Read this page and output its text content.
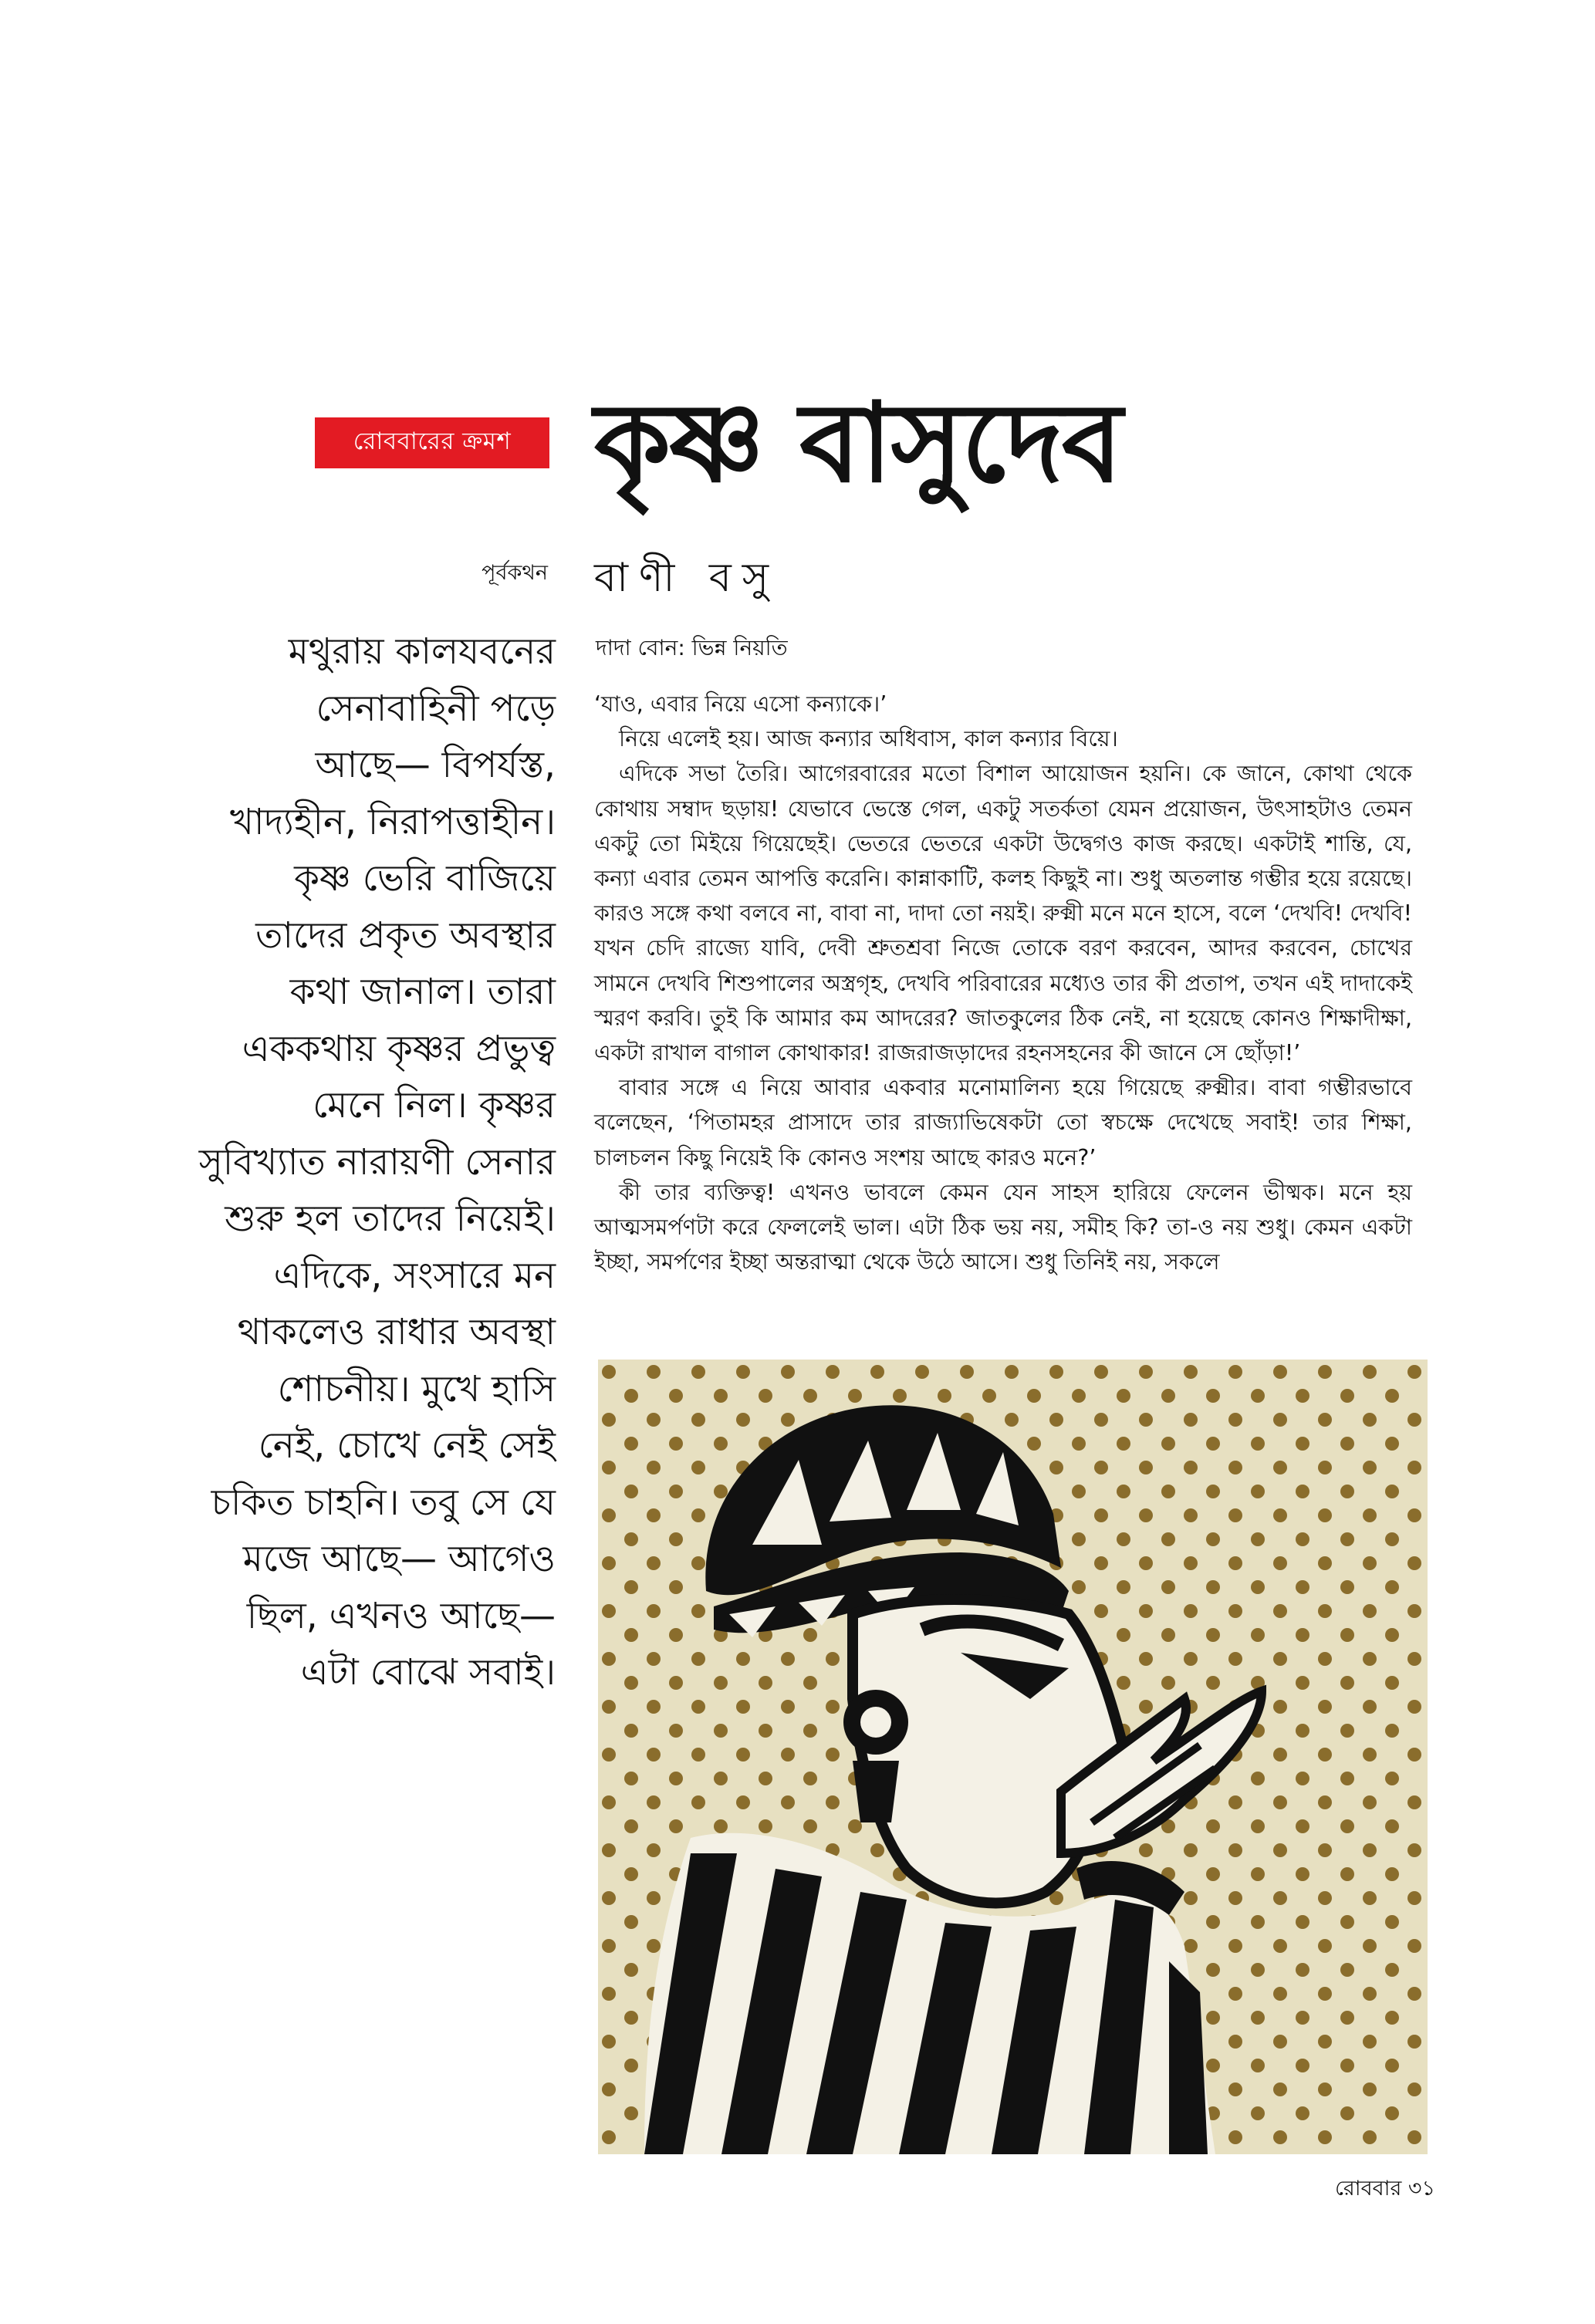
রোববারের ক্রমশ কৃষ্ণ বাসুদেব
পূর্বকথন বাণী বসু
দাদা বোন: ভিন্ন নিয়তি
মথুরায় কালযবনের
সেনাবাহিনী পড়ে
আছে— বিপর্যস্ত,
খাদ্যহীন, নিরাপত্তাহীন।
কৃষ্ণ ভেরি বাজিয়ে
তাদের প্রকৃত অবস্থার
কথা জানাল। তারা
এককথায় কৃষ্ণর প্রভুত্ব
মেনে নিল। কৃষ্ণর
সুবিখ্যাত নারায়ণী সেনার
শুরু হল তাদের নিয়েই।
এদিকে, সংসারে মন
থাকলেও রাধার অবস্থা
শোচনীয়। মুখে হাসি
নেই, চোখে নেই সেই
চকিত চাহনি। তবু সে যে
মজে আছে— আগেও
ছিল, এখনও আছে—
এটা বোঝে সবাই।

‘যাও, এবার নিয়ে এসো কন্যাকে।’

নিয়ে এলেই হয়। আজ কন্যার অধিবাস, কাল কন্যার বিয়ে।

এদিকে সভা তৈরি। আগেরবারের মতো বিশাল আয়োজন হয়নি। কে জানে, কোথা থেকে কোথায় সম্বাদ ছড়ায়! যেভাবে ভেস্তে গেল, একটু সতর্কতা যেমন প্রয়োজন, উৎসাহটাও তেমন একটু তো মিইয়ে গিয়েছেই। ভেতরে ভেতরে একটা উদ্বেগও কাজ করছে। একটাই শান্তি, যে, কন্যা এবার তেমন আপত্তি করেনি। কান্নাকাটি, কলহ কিছুই না। শুধু অতলান্ত গম্ভীর হয়ে রয়েছে। কারও সঙ্গে কথা বলবে না, বাবা না, দাদা তো নয়ই। রুক্মী মনে মনে হাসে, বলে ‘দেখবি! দেখবি! যখন চেদি রাজ্যে যাবি, দেবী শ্রুতশ্রবা নিজে তোকে বরণ করবেন, আদর করবেন, চোখের সামনে দেখবি শিশুপালের অস্ত্রগৃহ, দেখবি পরিবারের মধ্যেও তার কী প্রতাপ, তখন এই দাদাকেই স্মরণ করবি। তুই কি আমার কম আদরের? জাতকুলের ঠিক নেই, না হয়েছে কোনও শিক্ষাদীক্ষা, একটা রাখাল বাগাল কোথাকার! রাজরাজড়াদের রহনসহনের কী জানে সে ছোঁড়া!’

বাবার সঙ্গে এ নিয়ে আবার একবার মনোমালিন্য হয়ে গিয়েছে রুক্মীর। বাবা গম্ভীরভাবে বলেছেন, ‘পিতামহর প্রাসাদে তার রাজ্যাভিষেকটা তো স্বচক্ষে দেখেছে সবাই! তার শিক্ষা, চালচলন কিছু নিয়েই কি কোনও সংশয় আছে কারও মনে?’

কী তার ব্যক্তিত্ব! এখনও ভাবলে কেমন যেন সাহস হারিয়ে ফেলেন ভীষ্মক। মনে হয় আত্মসমর্পণটা করে ফেললেই ভাল। এটা ঠিক ভয় নয়, সমীহ কি? তা-ও নয় শুধু। কেমন একটা ইচ্ছা, সমর্পণের ইচ্ছা অন্তরাত্মা থেকে উঠে আসে। শুধু তিনিই নয়, সকলে

রোববার ৩১
